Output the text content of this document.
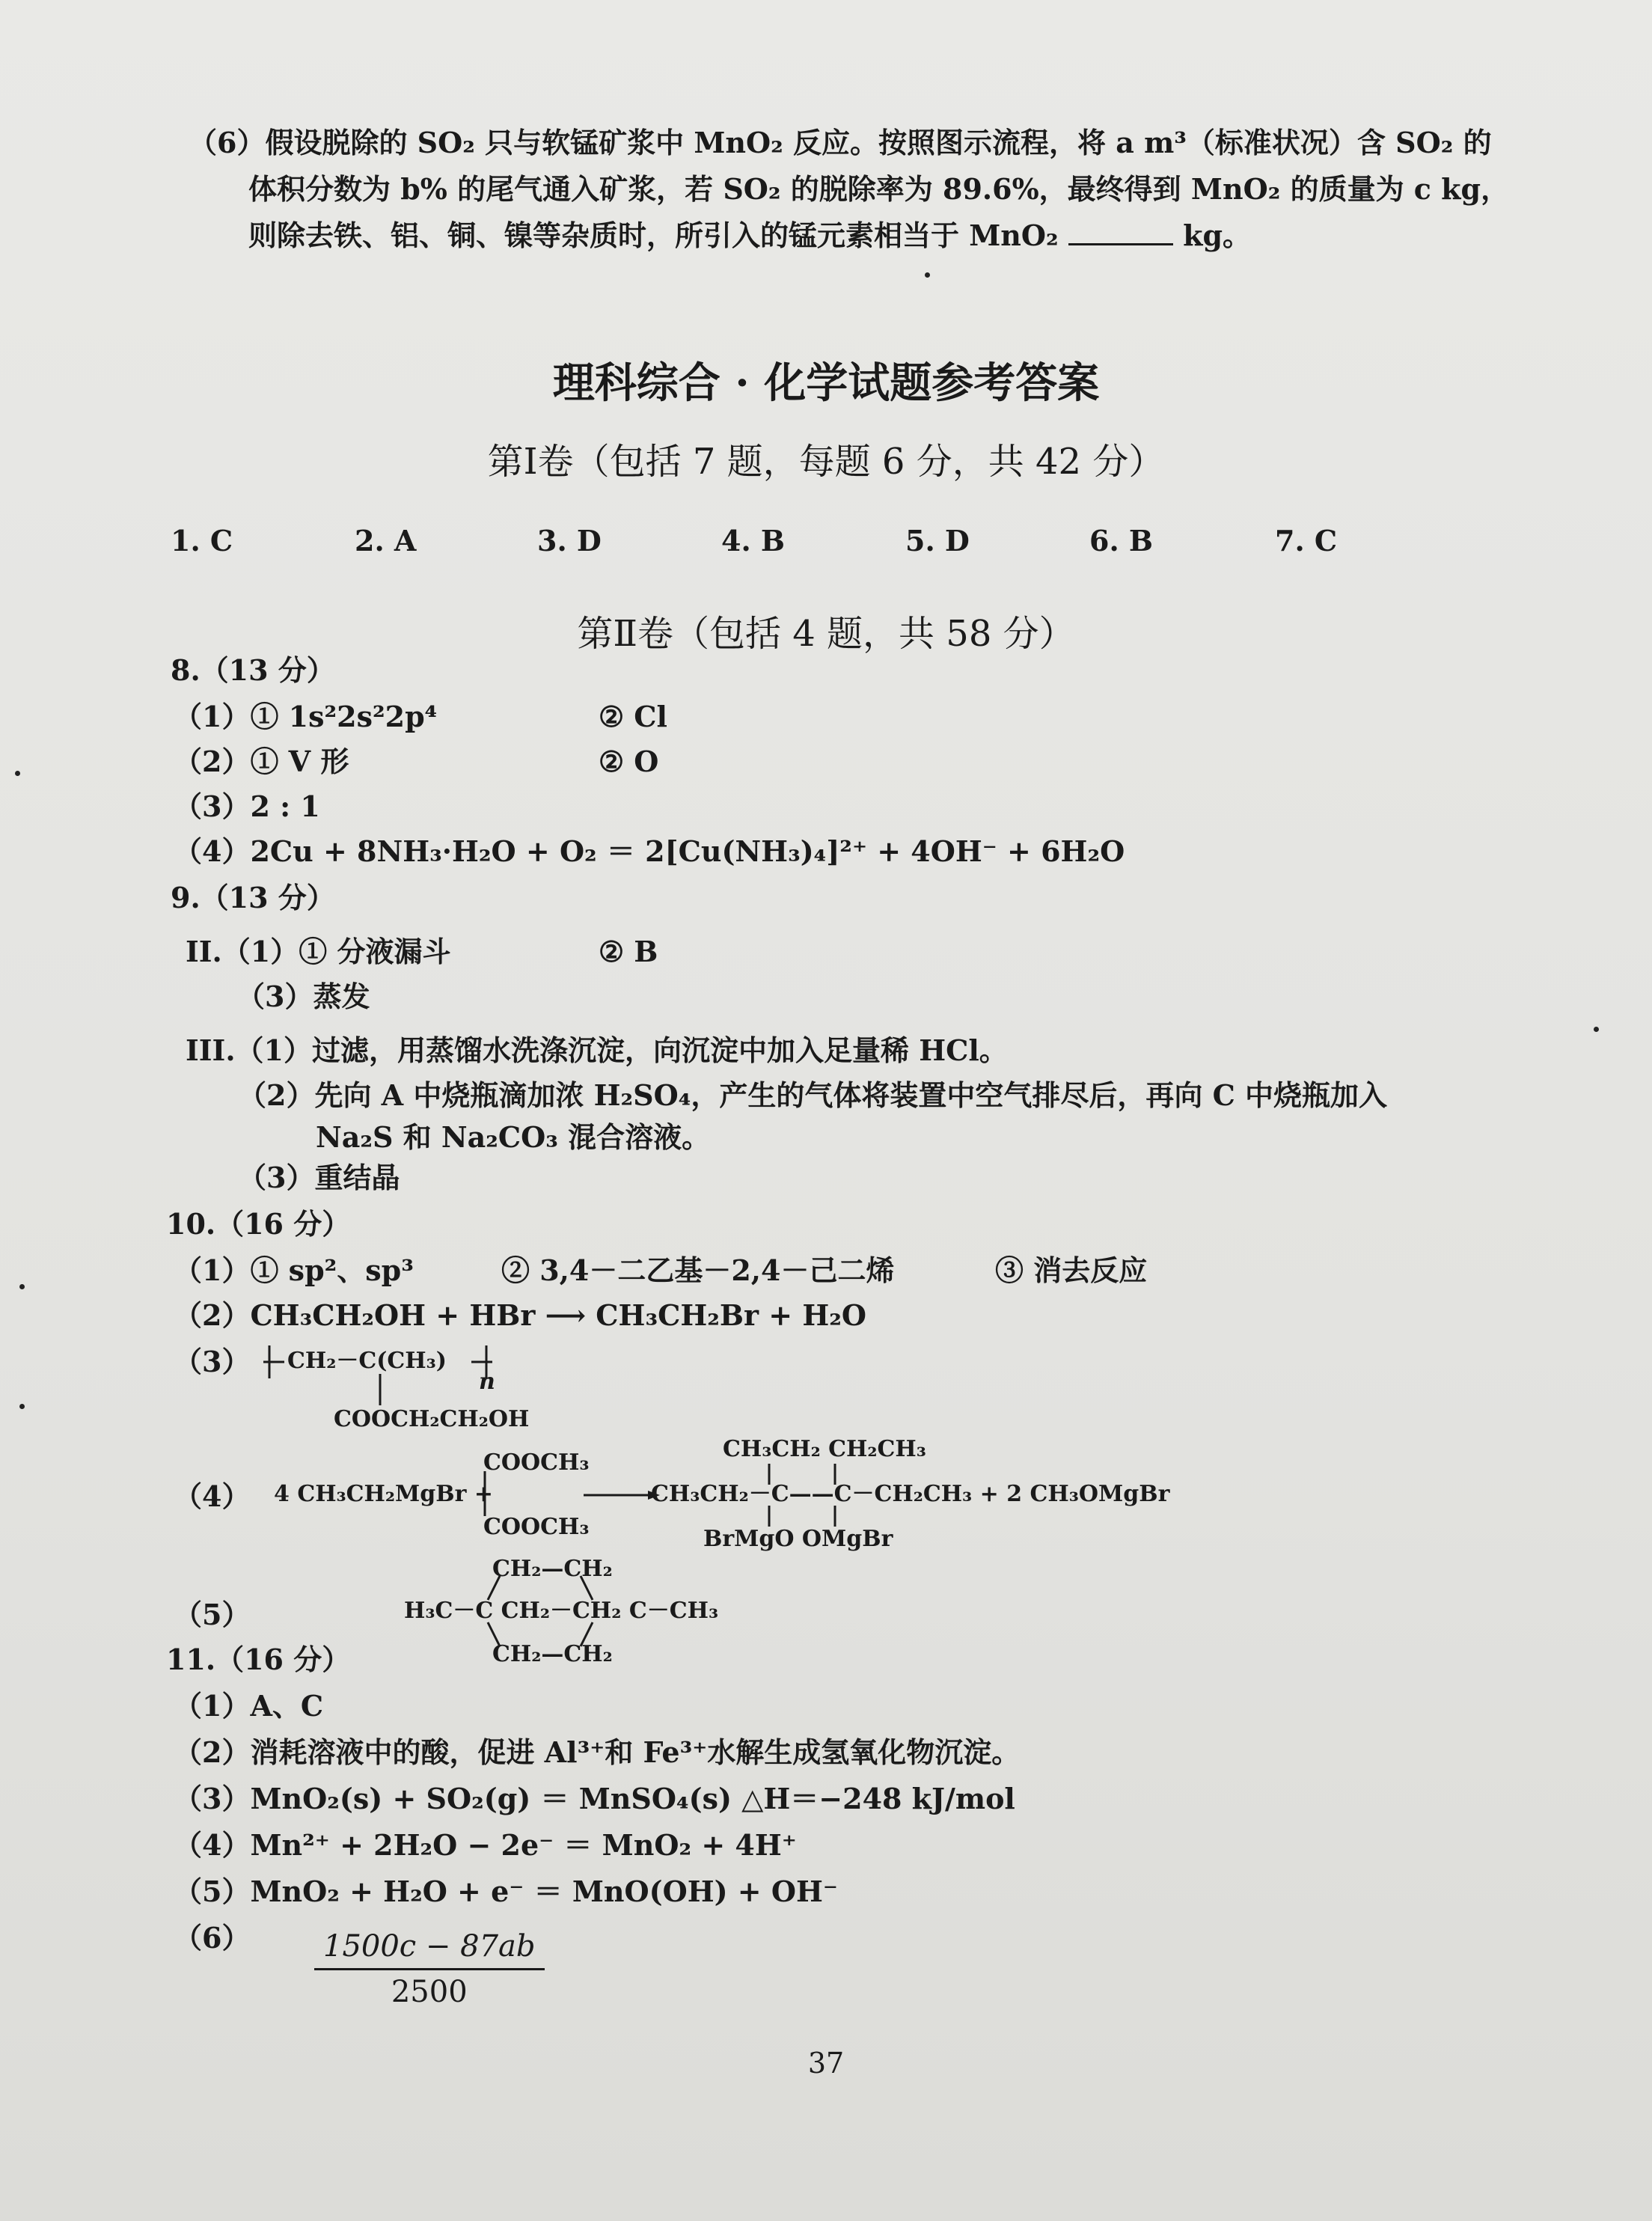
（6）假设脱除的 SO₂ 只与软锰矿浆中 MnO₂ 反应。按照图示流程，将 a m³（标准状况）含 SO₂ 的

体积分数为 b% 的尾气通入矿浆，若 SO₂ 的脱除率为 89.6%，最终得到 MnO₂ 的质量为 c kg，

则除去铁、铝、铜、镍等杂质时，所引入的锰元素相当于 MnO₂	kg。

理科综合 · 化学试题参考答案
第Ⅰ卷（包括 7 题，每题 6 分，共 42 分）
1. C	2. A	3. D	4. B	5. D	6. B	7. C
第Ⅱ卷（包括 4 题，共 58 分）
8.（13 分）
（1）① 1s²2s²2p⁴	② Cl
（2）① V 形	② O
（3）2 : 1
（4）2Cu + 8NH₃·H₂O + O₂ ＝ 2[Cu(NH₃)₄]²⁺ + 4OH⁻ + 6H₂O
9.（13 分）
II.（1）① 分液漏斗	② B
（3）蒸发
III.（1）过滤，用蒸馏水洗涤沉淀，向沉淀中加入足量稀 HCl。
（2）先向 A 中烧瓶滴加浓 H₂SO₄，产生的气体将装置中空气排尽后，再向 C 中烧瓶加入
Na₂S 和 Na₂CO₃ 混合溶液。
（3）重结晶
10.（16 分）
（1）① sp²、sp³	② 3,4－二乙基－2,4－己二烯	③ 消去反应
（2）CH₃CH₂OH + HBr ⟶ CH₃CH₂Br + H₂O
（3） CH₂－C(CH₃)
n
COOCH₂CH₂OH
（4） 4 CH₃CH₂MgBr +
COOCH₃
COOCH₃
CH₃CH₂ CH₂CH₃
CH₃CH₂－C——C－CH₂CH₃ + 2 CH₃OMgBr
BrMgO OMgBr
（5）
CH₂—CH₂
H₃C－C CH₂－CH₂ C－CH₃
CH₂—CH₂
11.（16 分）
（1）A、C
（2）消耗溶液中的酸，促进 Al³⁺和 Fe³⁺水解生成氢氧化物沉淀。
（3）MnO₂(s) + SO₂(g) ＝ MnSO₄(s) △H＝−248 kJ/mol
（4）Mn²⁺ + 2H₂O − 2e⁻ ＝ MnO₂ + 4H⁺
（5）MnO₂ + H₂O + e⁻ ＝ MnO(OH) + OH⁻
$(6) \frac{1500c - 87ab}{2500}$
37
